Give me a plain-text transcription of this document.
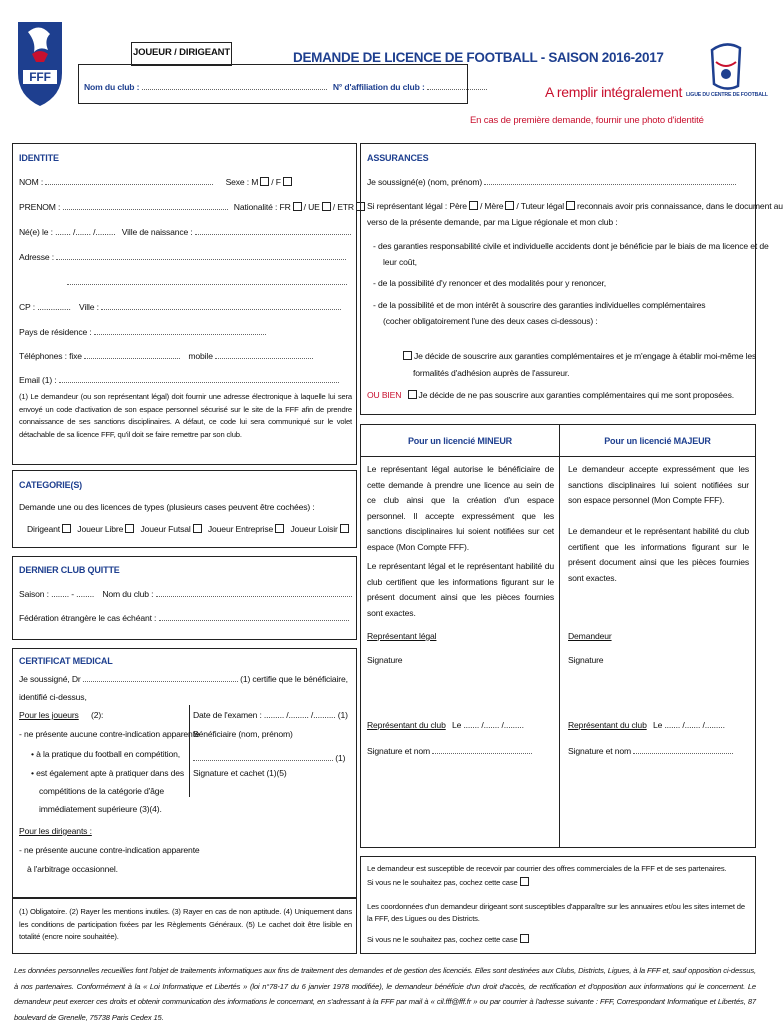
FFF
JOUEUR / DIRIGEANT
Nom du club :	N° d'affiliation du club :
DEMANDE DE LICENCE DE FOOTBALL - SAISON 2016-2017
A remplir intégralement
En cas de première demande, fournir une photo d'identité
LIGUE DU CENTRE DE FOOTBALL
IDENTITE
NOM :	Sexe : M / F
PRENOM :	Nationalité : FR / UE / ETR
Né(e) le : ....... /....... /......... Ville de naissance :
Adresse :
CP : ............... Ville :
Pays de résidence :
Téléphones : fixe	mobile
Email (1) :
(1) Le demandeur (ou son représentant légal) doit fournir une adresse électronique à laquelle lui sera envoyé un code d'activation de son espace personnel sécurisé sur le site de la FFF afin de prendre connaissance de ses sanctions disciplinaires. A défaut, ce code lui sera communiqué sur le volet détachable de sa licence FFF, qu'il doit se faire remettre par son club.
CATEGORIE(S)
Demande une ou des licences de types (plusieurs cases peuvent être cochées) :
Dirigeant Joueur Libre Joueur Futsal Joueur Entreprise Joueur Loisir
DERNIER CLUB QUITTE
Saison : ........ - ........ Nom du club :
Fédération étrangère le cas échéant :
CERTIFICAT MEDICAL
Je soussigné, Dr	(1) certifie que le bénéficiaire,
identifié ci-dessus,
Pour les joueurs (2):	Date de l'examen : ......... /......... /.......... (1)
- ne présente aucune contre-indication apparente
Bénéficiaire (nom, prénom)
• à la pratique du football en compétition,	(1)
• est également apte à pratiquer dans des Signature et cachet (1)(5)
compétitions de la catégorie d'âge
immédiatement supérieure (3)(4).
Pour les dirigeants :
- ne présente aucune contre-indication apparente
à l'arbitrage occasionnel.
(1) Obligatoire. (2) Rayer les mentions inutiles. (3) Rayer en cas de non aptitude. (4) Uniquement dans les conditions de participation fixées par les Règlements Généraux. (5) Le cachet doit être lisible en totalité (encre noire souhaitée).
ASSURANCES
Je soussigné(e) (nom, prénom)
Si représentant légal : Père / Mère / Tuteur légal reconnais avoir pris connaissance, dans le document au
verso de la présente demande, par ma Ligue régionale et mon club :
- des garanties responsabilité civile et individuelle accidents dont je bénéficie par le biais de ma licence et de
leur coût,
- de la possibilité d'y renoncer et des modalités pour y renoncer,
- de la possibilité et de mon intérêt à souscrire des garanties individuelles complémentaires
(cocher obligatoirement l'une des deux cases ci-dessous) :
Je décide de souscrire aux garanties complémentaires et je m'engage à établir moi-même les
formalités d'adhésion auprès de l'assureur.
OU BIEN Je décide de ne pas souscrire aux garanties complémentaires qui me sont proposées.
Pour un licencié MINEUR	Pour un licencié MAJEUR
Le représentant légal autorise le bénéficiaire de cette demande à prendre une licence au sein de ce club ainsi que la création d'un espace personnel. Il accepte expressément que les sanctions disciplinaires lui soient notifiées sur cet espace (Mon Compte FFF).
Le représentant légal et le représentant habilité du club certifient que les informations figurant sur le présent document ainsi que les pièces fournies sont exactes.
Représentant légal
Signature
Représentant du club Le ....... /....... /.........
Signature et nom
Le demandeur accepte expressément que les sanctions disciplinaires lui soient notifiées sur son espace personnel (Mon Compte FFF).
Le demandeur et le représentant habilité du club certifient que les informations figurant sur le présent document ainsi que les pièces fournies sont exactes.
Demandeur
Signature
Représentant du club Le ....... /....... /.........
Signature et nom
Le demandeur est susceptible de recevoir par courrier des offres commerciales de la FFF et de ses partenaires.
Si vous ne le souhaitez pas, cochez cette case
Les coordonnées d'un demandeur dirigeant sont susceptibles d'apparaître sur les annuaires et/ou les sites internet de la FFF, des Ligues ou des Districts.
Si vous ne le souhaitez pas, cochez cette case
Les données personnelles recueillies font l'objet de traitements informatiques aux fins de traitement des demandes et de gestion des licenciés. Elles sont destinées aux Clubs, Districts, Ligues, à la FFF et, sauf opposition ci-dessus, à nos partenaires. Conformément à la « Loi Informatique et Libertés » (loi n°78-17 du 6 janvier 1978 modifiée), le demandeur bénéficie d'un droit d'accès, de rectification et d'opposition aux informations qui le concernent. Le demandeur peut exercer ces droits et obtenir communication des informations le concernant, en s'adressant à la FFF par mail à « cil.fff@fff.fr » ou par courrier à l'adresse suivante : FFF, Correspondant Informatique et Libertés, 87 boulevard de Grenelle, 75738 Paris Cedex 15.
